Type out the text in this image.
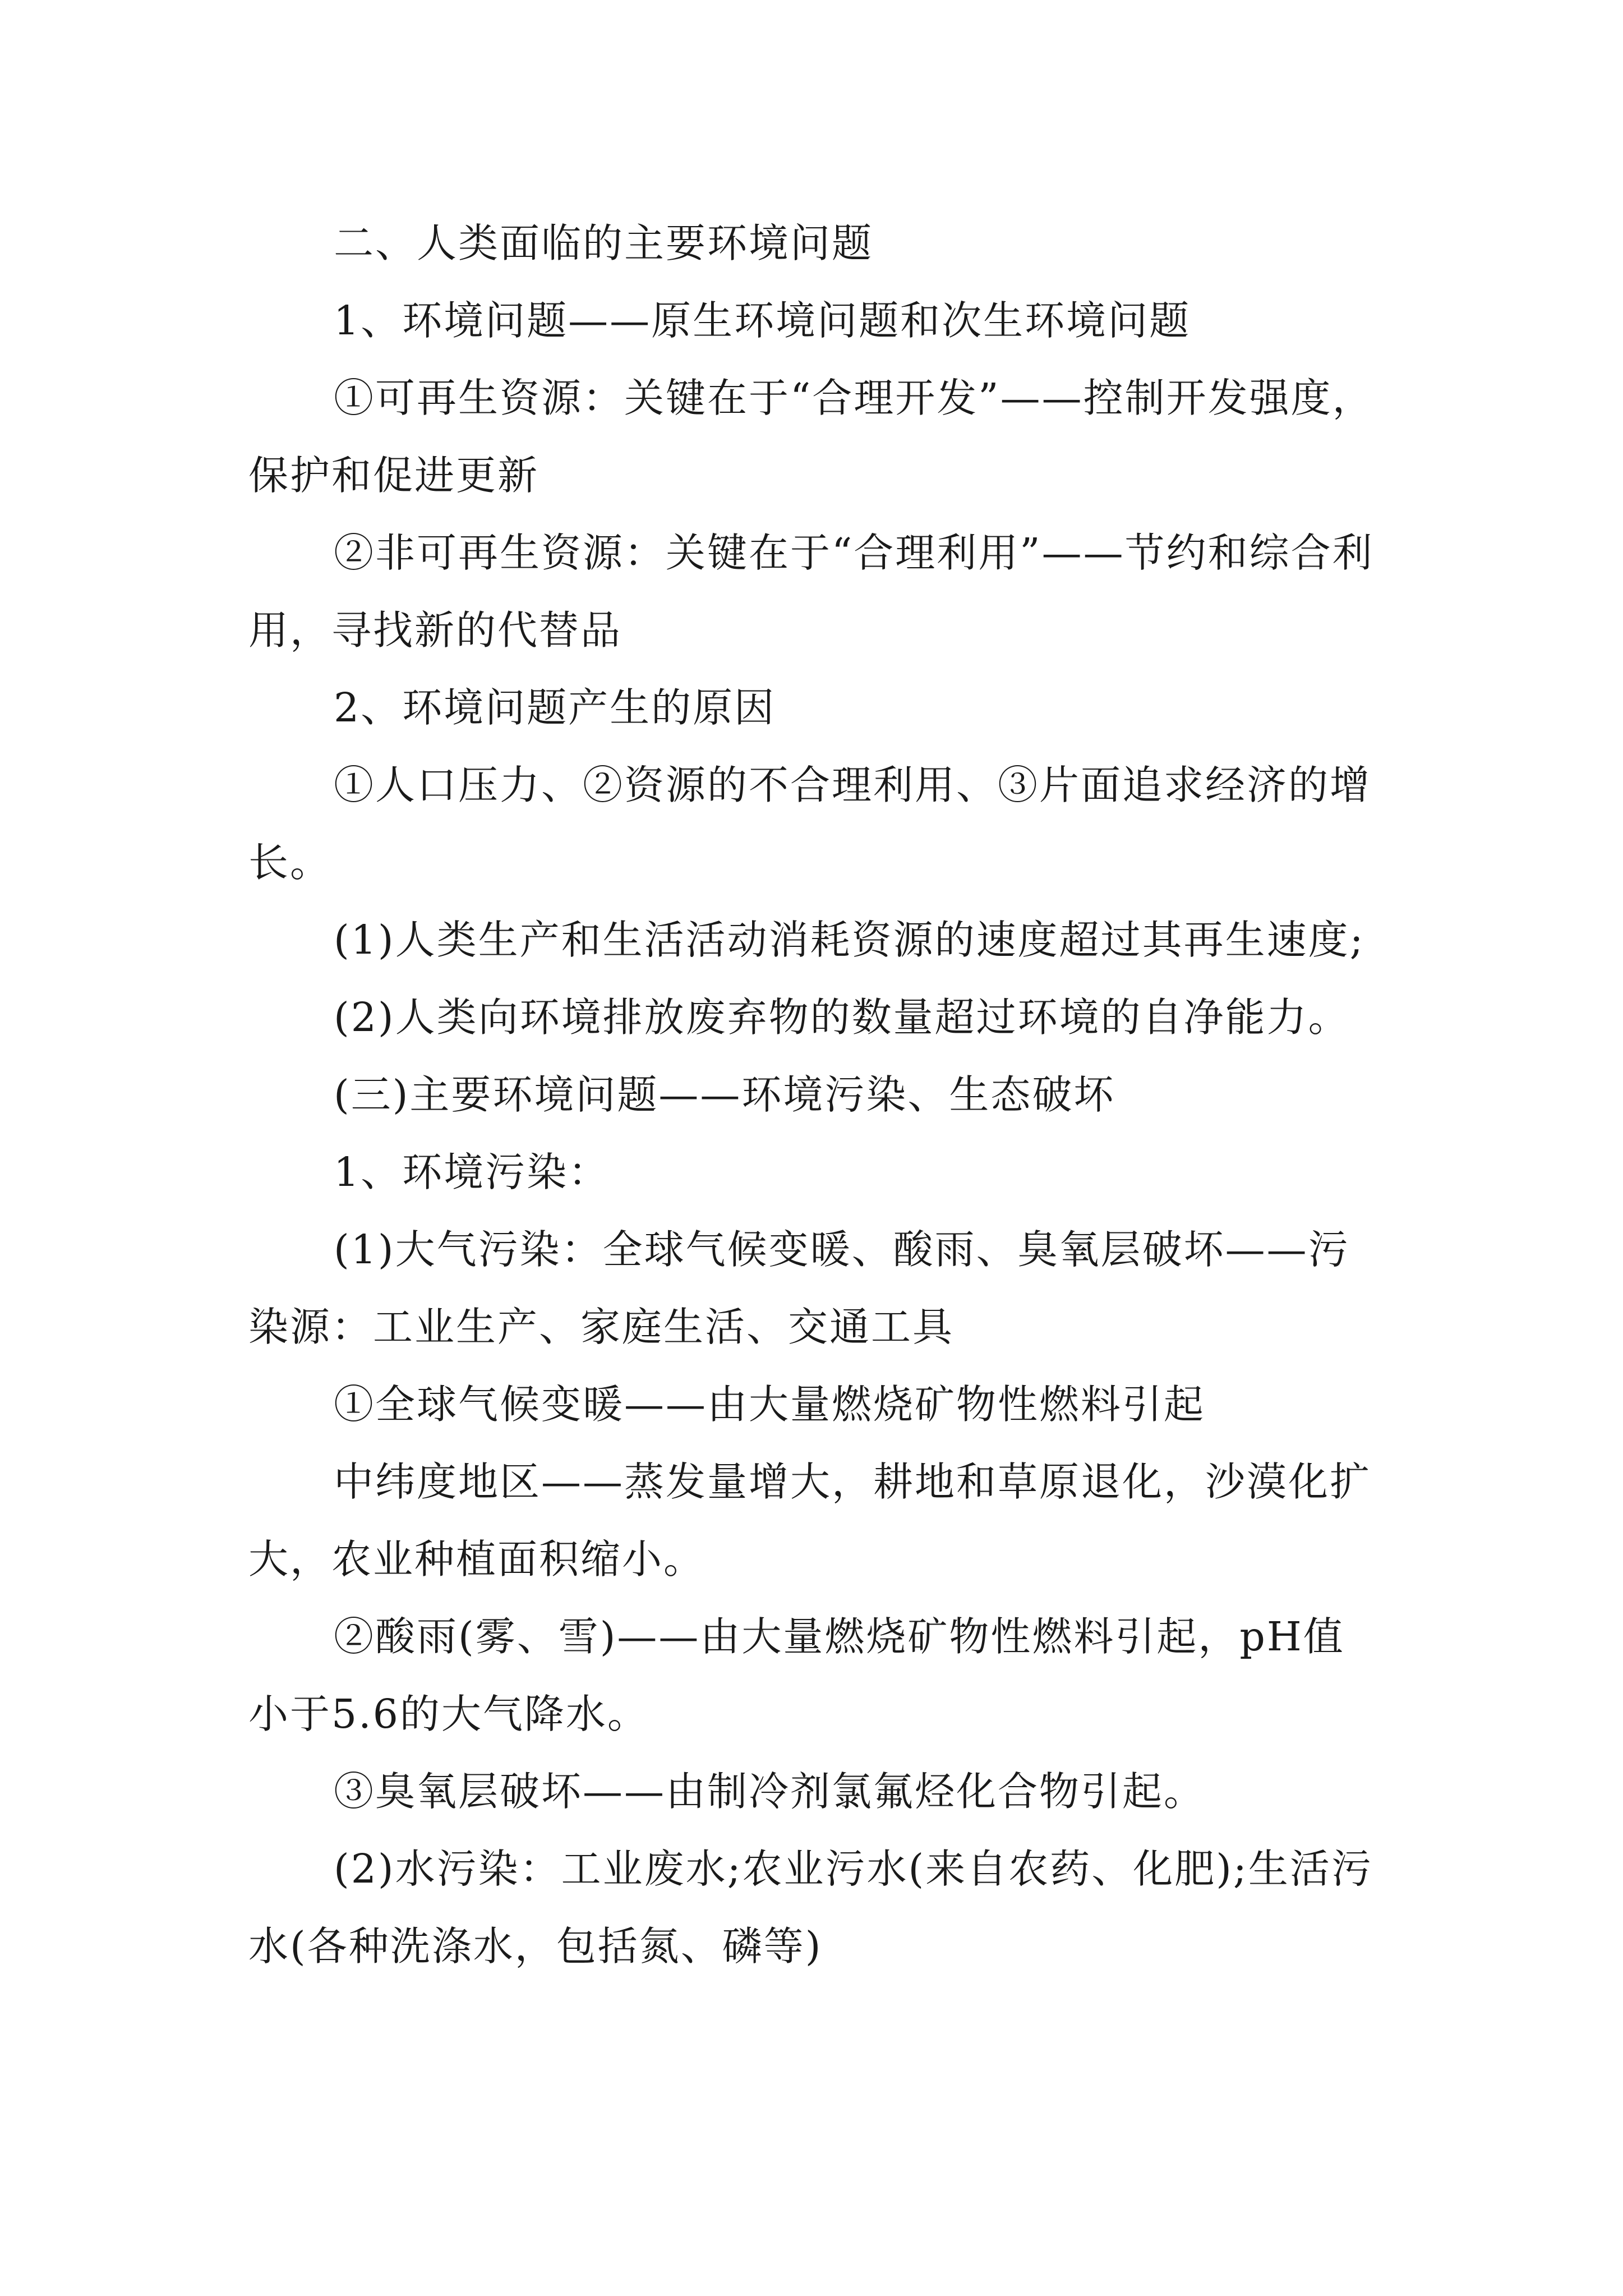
二、人类面临的主要环境问题

1、环境问题——原生环境问题和次生环境问题

①可再生资源：关键在于“合理开发”——控制开发强度，保护和促进更新

②非可再生资源：关键在于“合理利用”——节约和综合利用，寻找新的代替品

2、环境问题产生的原因

①人口压力、②资源的不合理利用、③片面追求经济的增长。

(1)人类生产和生活活动消耗资源的速度超过其再生速度;

(2)人类向环境排放废弃物的数量超过环境的自净能力。

(三)主要环境问题——环境污染、生态破坏

1、环境污染：

(1)大气污染：全球气候变暖、酸雨、臭氧层破坏——污染源：工业生产、家庭生活、交通工具

①全球气候变暖——由大量燃烧矿物性燃料引起

中纬度地区——蒸发量增大，耕地和草原退化，沙漠化扩大，农业种植面积缩小。

②酸雨(雾、雪)——由大量燃烧矿物性燃料引起，pH值小于5.6的大气降水。

③臭氧层破坏——由制冷剂氯氟烃化合物引起。

(2)水污染：工业废水;农业污水(来自农药、化肥);生活污水(各种洗涤水，包括氮、磷等)
